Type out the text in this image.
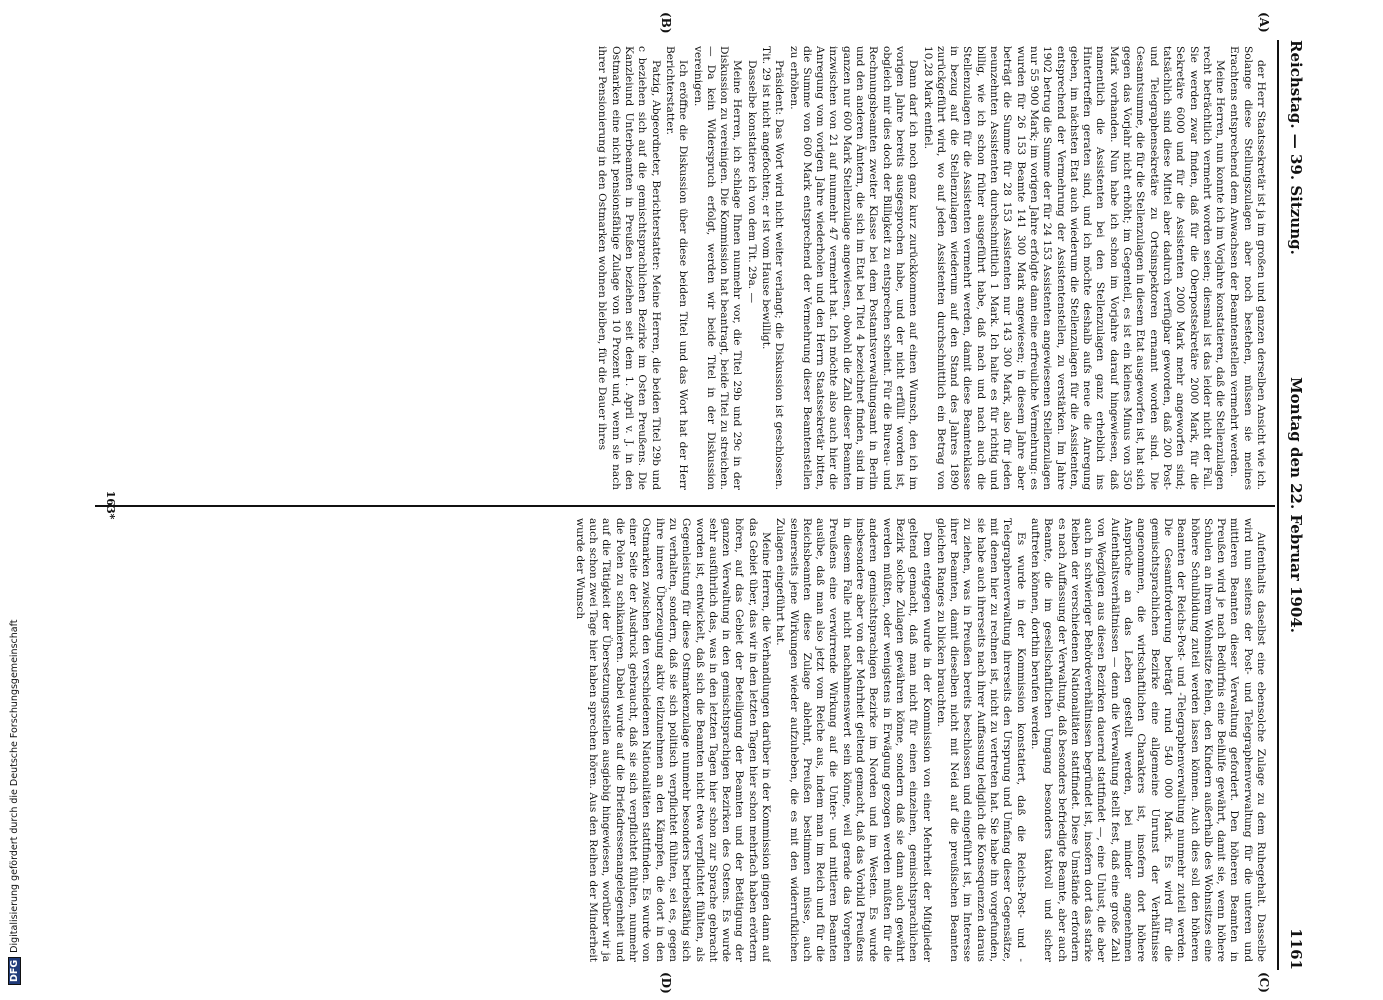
Reichstag. — 39. Sitzung.
Montag den 22. Februar 1904.
1161
(A)
(B)
(C)
(D)

der Herr Staatssekretär ist ja im großen und ganzen derselben Ansicht wie ich. Solange diese Stellungszulagen aber noch bestehen, müssen sie meines Erachtens entsprechend dem Anwachsen der Beamtenstellen vermehrt werden.

Meine Herren, nun konnte ich im Vorjahre konstatieren, daß die Stellenzulagen recht beträchtlich vermehrt worden seien; diesmal ist das leider nicht der Fall. Sie werden zwar finden, daß für die Oberpostsekretäre 2000 Mark, für die Sekretäre 6000 und für die Assistenten 2000 Mark mehr angeworfen sind; tatsächlich sind diese Mittel aber dadurch verfügbar geworden, daß 200 Post- und Telegraphensekretäre zu Ortsinspektoren ernannt worden sind. Die Gesamtsumme, die für die Stellenzulagen in diesem Etat ausgeworfen ist, hat sich gegen das Vorjahr nicht erhöht; im Gegenteil, es ist ein kleines Minus von 350 Mark vorhanden. Nun habe ich schon im Vorjahre darauf hingewiesen, daß namentlich die Assistenten bei den Stellenzulagen ganz erheblich ins Hintertreffen geraten sind, und ich möchte deshalb aufs neue die Anregung geben, im nächsten Etat auch wiederum die Stellenzulagen für die Assistenten, entsprechend der Vermehrung der Assistentenstellen, zu verstärken. Im Jahre 1902 betrug die Summe der für 24 153 Assistenten angewiesenen Stellenzulagen nur 55 900 Mark; im vorigen Jahre erfolgte dann eine erfreuliche Vermehrung: es wurden für 26 153 Beamte 141 300 Mark angewiesen; in diesem Jahre aber beträgt die Summe für 28 153 Assistenten nur 143 300 Mark, also für jeden neunzehnten Assistenten durchschnittlich 1 Mark. Ich halte es für richtig und billig, wie ich schon früher ausgeführt habe, daß nach und nach auch die Stellenzulagen für die Assistenten vermehrt werden, damit diese Beamtenklasse in bezug auf die Stellenzulagen wiederum auf den Stand des Jahres 1890 zurückgeführt wird, wo auf jeden Assistenten durchschnittlich ein Betrag von 10,28 Mark entfiel.

Dann darf ich noch ganz kurz zurückkommen auf einen Wunsch, den ich im vorigen Jahre bereits ausgesprochen habe, und der nicht erfüllt worden ist, obgleich mir dies doch der Billigkeit zu entsprechen scheint. Für die Bureau- und Rechnungsbeamten zweiter Klasse bei dem Postamtsverwaltungsamt in Berlin und den anderen Ämtern, die sich im Etat bei Titel 4 bezeichnet finden, sind im ganzen nur 600 Mark Stellenzulage angewiesen, obwohl die Zahl dieser Beamten inzwischen von 21 auf nunmehr 47 vermehrt hat. Ich möchte also auch hier die Anregung vom vorigen Jahre wiederholen und den Herrn Staatssekretär bitten, die Summe von 600 Mark entsprechend der Vermehrung dieser Beamtenstellen zu erhöhen.

Präsident: Das Wort wird nicht weiter verlangt; die Diskussion ist geschlossen. Tit. 29 ist nicht angefochten; er ist vom Hause bewilligt.

Dasselbe konstatiere ich von dem Tit. 29a. —

Meine Herren, ich schlage Ihnen nunmehr vor, die Titel 29b und 29c in der Diskussion zu vereinigen. Die Kommission hat beantragt, beide Titel zu streichen. — Da kein Widerspruch erfolgt, werden wir beide Titel in der Diskussion vereinigen.

Ich eröffne die Diskussion über diese beiden Titel und das Wort hat der Herr Berichterstatter.

Patzig, Abgeordneter, Berichterstatter: Meine Herren, die beiden Titel 29b und c beziehen sich auf die gemischtsprachlichen Bezirke im Osten Preußens. Die Kanzleiund Unterbeamten in Preußen beziehen seit dem 1. April v. J. in den Ostmarken eine nicht pensionsfähige Zulage von 10 Prozent und, wenn sie nach ihrer Pensionierung in den Ostmarken wohnen bleiben, für die Dauer ihres

Aufenthalts daselbst eine ebensolche Zulage zu dem Ruhegehalt. Dasselbe wird nun seitens der Post- und Telegraphenverwaltung für die unteren und mittleren Beamten dieser Verwaltung gefordert. Den höheren Beamten in Preußen wird je nach Bedürfnis eine Beihilfe gewährt, damit sie, wenn höhere Schulen an ihrem Wohnsitze fehlen, den Kindern außerhalb des Wohnsitzes eine höhere Schulbildung zuteil werden lassen können. Auch dies soll den höheren Beamten der Reichs-Post- und -Telegraphenverwaltung nunmehr zuteil werden. Die Gesamtforderung beträgt rund 540 000 Mark. Es wird für die gemischtsprachlichen Bezirke eine allgemeine Unrunst der Verhältnisse angenommen, die wirtschaftlichen Charakters ist, insofern dort höhere Ansprüche an das Leben gestellt werden, bei minder angenehmen Aufenthaltsverhältnissen — denn die Verwaltung stellt fest, daß eine große Zahl von Wegzügen aus diesen Bezirken dauernd stattfindet —, eine Unlust, die aber auch in schwieriger Behördeverhältnissen begründet ist, insofern dort das starke Reiben der verschiedenen Nationalitäten stattfindet. Diese Umstände erfordern es nach Auffassung der Verwaltung, daß besonders befriedigte Beamte, aber auch Beamte, die im gesellschaftlichen Umgang besonders taktvoll und sicher auftreten können, dorthin berufen werden.

Es wurde in der Kommission konstatiert, daß die Reichs-Post- und -Telegraphenverwaltung ihrerseits den Ursprung und Umfang dieser Gegensätze, mit denen hier zu rechnen ist, nicht zu vertreten hat. Sie habe ihn vorgefunden, sie habe auch ihrerseits nach ihrer Auffassung lediglich die Konsequenzen daraus zu ziehen, was in Preußen bereits beschlossen und eingeführt ist, im Interesse ihrer Beamten, damit dieselben nicht mit Neid auf die preußischen Beamten gleichen Ranges zu blicken brauchten.

Dem entgegen wurde in der Kommission von einer Mehrheit der Mitglieder geltend gemacht, daß man nicht für einen einzelnen, gemischtsprachlichen Bezirk solche Zulagen gewähren könne, sondern daß sie dann auch gewährt werden müßten, oder wenigstens in Erwägung gezogen werden müßten für die anderen gemischtsprachigen Bezirke im Norden und im Westen. Es wurde insbesondere aber von der Mehrheit geltend gemacht, daß das Vorbild Preußens in diesem Falle nicht nachahmenswert sein könne, weil gerade das Vorgehen Preußens eine verwirrende Wirkung auf die Unter- und mittleren Beamten ausübe, daß man also jetzt vom Reiche aus, indem man im Reich und für die Reichsbeamten diese Zulage ablehnt, Preußen bestimmen müsse, auch seinerseits jene Wirkungen wieder aufzuheben, die es mit den widerrufklichen Zulagen eingeführt hat.

Meine Herren, die Verhandlungen darüber in der Kommission gingen dann auf das Gebiet über, das wir in den letzten Tagen hier schon mehrfach haben erörtern hören, auf das Gebiet der Beteiligung der Beamten und der Betätigung der ganzen Verwaltung in den gemischtsprachigen Bezirken des Ostens. Es wurde sehr ausführlich das, was in den letzten Tagen hier schon zur Sprache gebracht worden ist, entwickelt, daß sich die Beamten nicht etwa verpflichtet fühlten, als Gegenleistung für diese Ostmarkenzulage nunmehr besonders betriebsfähig sich zu verhalten, sondern, daß sie sich politisch verpflichtet fühlten, sei es, gegen ihre innere Überzeugung aktiv teilzunehmen an den Kämpfen, die dort in den Ostmarken zwischen den verschiedenen Nationalitäten stattfinden. Es wurde von einer Seite der Ausdruck gebraucht, daß sie sich verpflichtet fühlten, nunmehr die Polen zu schikanieren. Dabei wurde auf die Briefadressenangelegenheit und auf die Tätigkeit der Übersetzungsstellen ausgiebig hingewiesen, worüber wir ja auch schon zwei Tage hier haben sprechen hören. Aus den Reihen der Minderheit wurde der Wunsch

163*
DFGDigitalisierung gefördert durch die Deutsche Forschungsgemeinschaft
